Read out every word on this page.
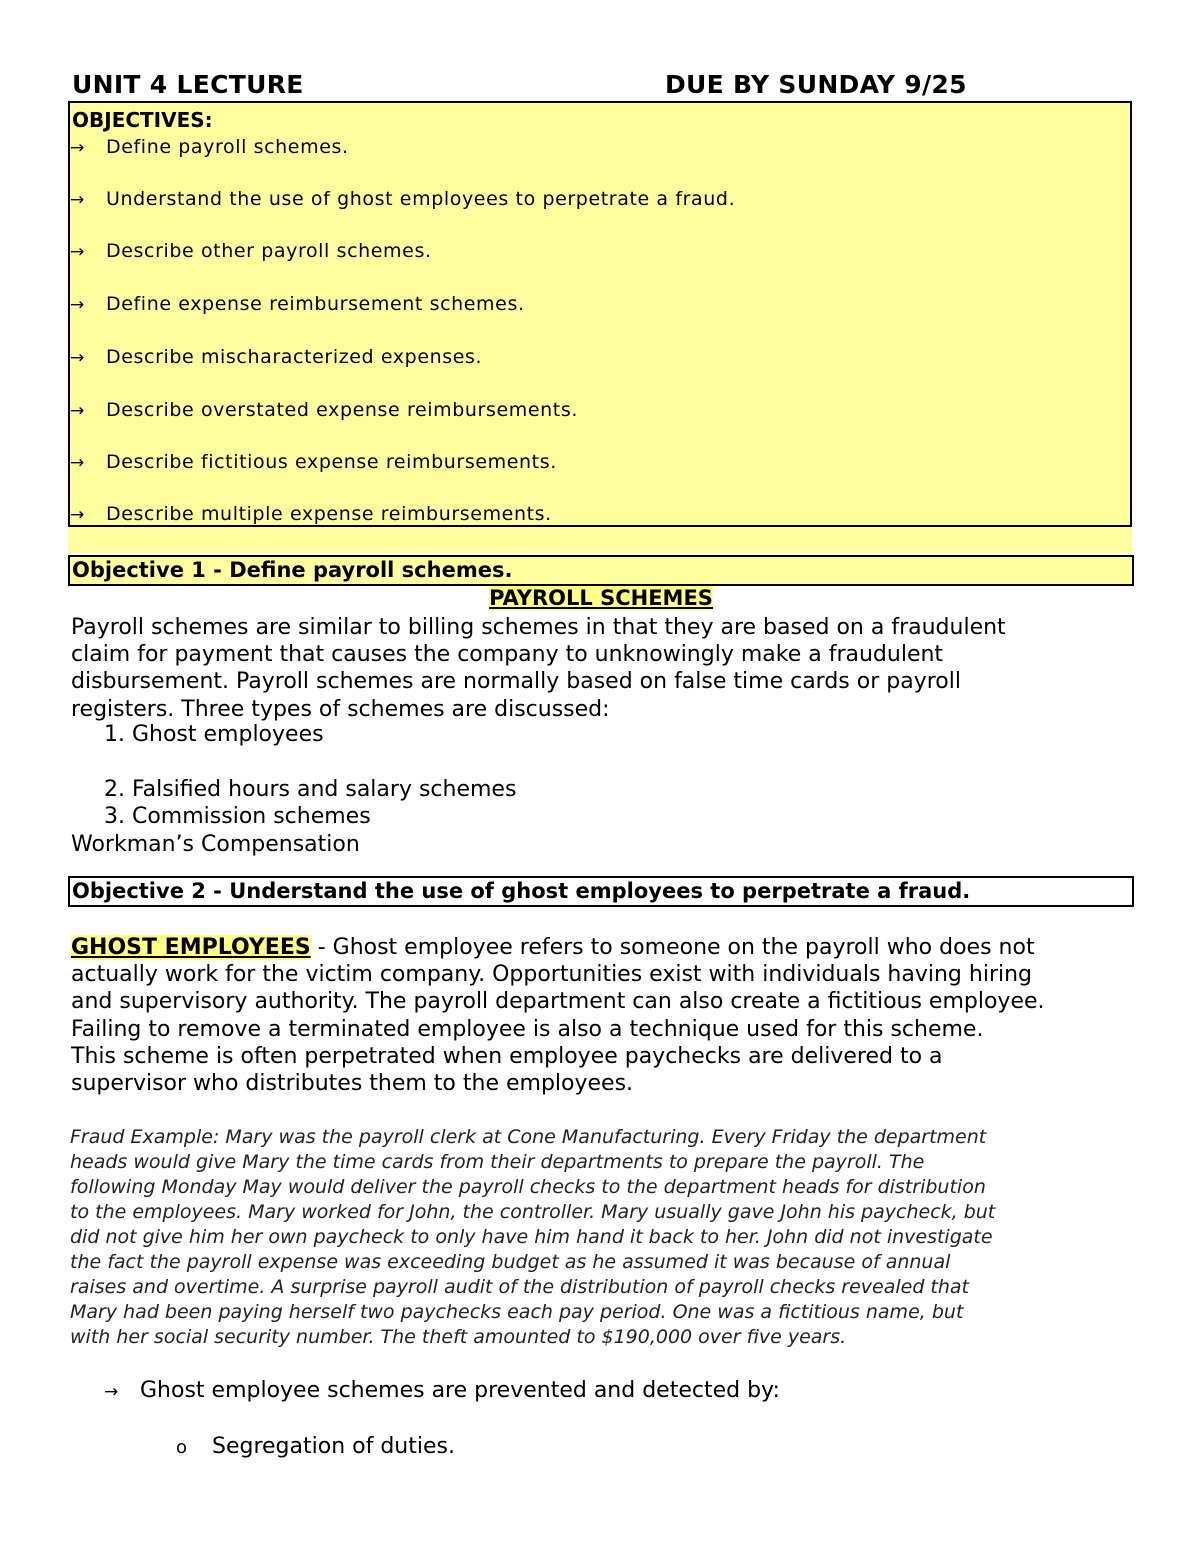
UNIT 4 LECTURE	DUE BY SUNDAY 9/25
OBJECTIVES:
→ Define payroll schemes.
→ Understand the use of ghost employees to perpetrate a fraud.
→ Describe other payroll schemes.
→ Define expense reimbursement schemes.
→ Describe mischaracterized expenses.
→ Describe overstated expense reimbursements.
→ Describe fictitious expense reimbursements.
→ Describe multiple expense reimbursements.
Objective 1 - Define payroll schemes.
PAYROLL SCHEMES
Payroll schemes are similar to billing schemes in that they are based on a fraudulent
claim for payment that causes the company to unknowingly make a fraudulent
disbursement. Payroll schemes are normally based on false time cards or payroll
registers. Three types of schemes are discussed:
1. Ghost employees
2. Falsified hours and salary schemes
3. Commission schemes
Workman’s Compensation
Objective 2 - Understand the use of ghost employees to perpetrate a fraud.
GHOST EMPLOYEES - Ghost employee refers to someone on the payroll who does not
actually work for the victim company. Opportunities exist with individuals having hiring
and supervisory authority. The payroll department can also create a fictitious employee.
Failing to remove a terminated employee is also a technique used for this scheme.
This scheme is often perpetrated when employee paychecks are delivered to a
supervisor who distributes them to the employees.
Fraud Example: Mary was the payroll clerk at Cone Manufacturing. Every Friday the department
heads would give Mary the time cards from their departments to prepare the payroll. The
following Monday May would deliver the payroll checks to the department heads for distribution
to the employees. Mary worked for John, the controller. Mary usually gave John his paycheck, but
did not give him her own paycheck to only have him hand it back to her. John did not investigate
the fact the payroll expense was exceeding budget as he assumed it was because of annual
raises and overtime. A surprise payroll audit of the distribution of payroll checks revealed that
Mary had been paying herself two paychecks each pay period. One was a fictitious name, but
with her social security number. The theft amounted to $190,000 over five years.
→ Ghost employee schemes are prevented and detected by:
o Segregation of duties.
